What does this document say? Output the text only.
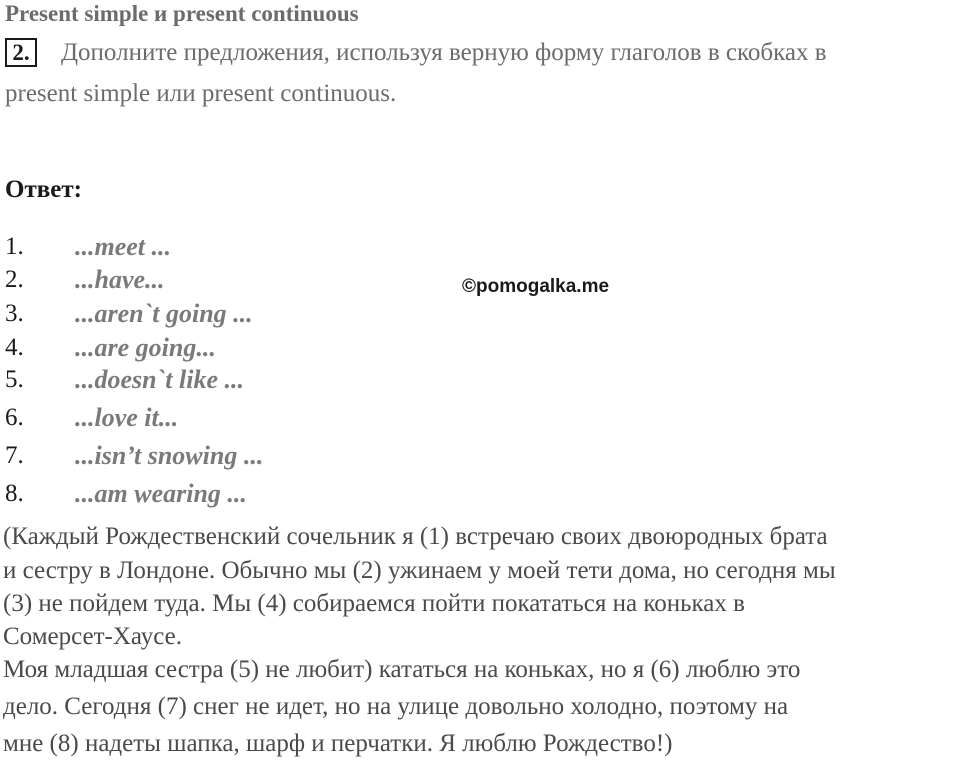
Present simple и present continuous
2. Дополните предложения, используя верную форму глаголов в скобках в
present simple или present continuous.
Ответ:
1. ...meet ...
2. ...have...
3. ...aren`t going ...
4. ...are going...
5. ...doesn`t like ...
6. ...love it...
7. ...isn’t snowing ...
8. ...am wearing ...
©pomogalka.me
(Каждый Рождественский сочельник я (1) встречаю своих двоюродных брата
и сестру в Лондоне. Обычно мы (2) ужинаем у моей тети дома, но сегодня мы
(3) не пойдем туда. Мы (4) собираемся пойти покататься на коньках в
Сомерсет-Хаусе.
Моя младшая сестра (5) не любит) кататься на коньках, но я (6) люблю это
дело. Сегодня (7) снег не идет, но на улице довольно холодно, поэтому на
мне (8) надеты шапка, шарф и перчатки. Я люблю Рождество!)
